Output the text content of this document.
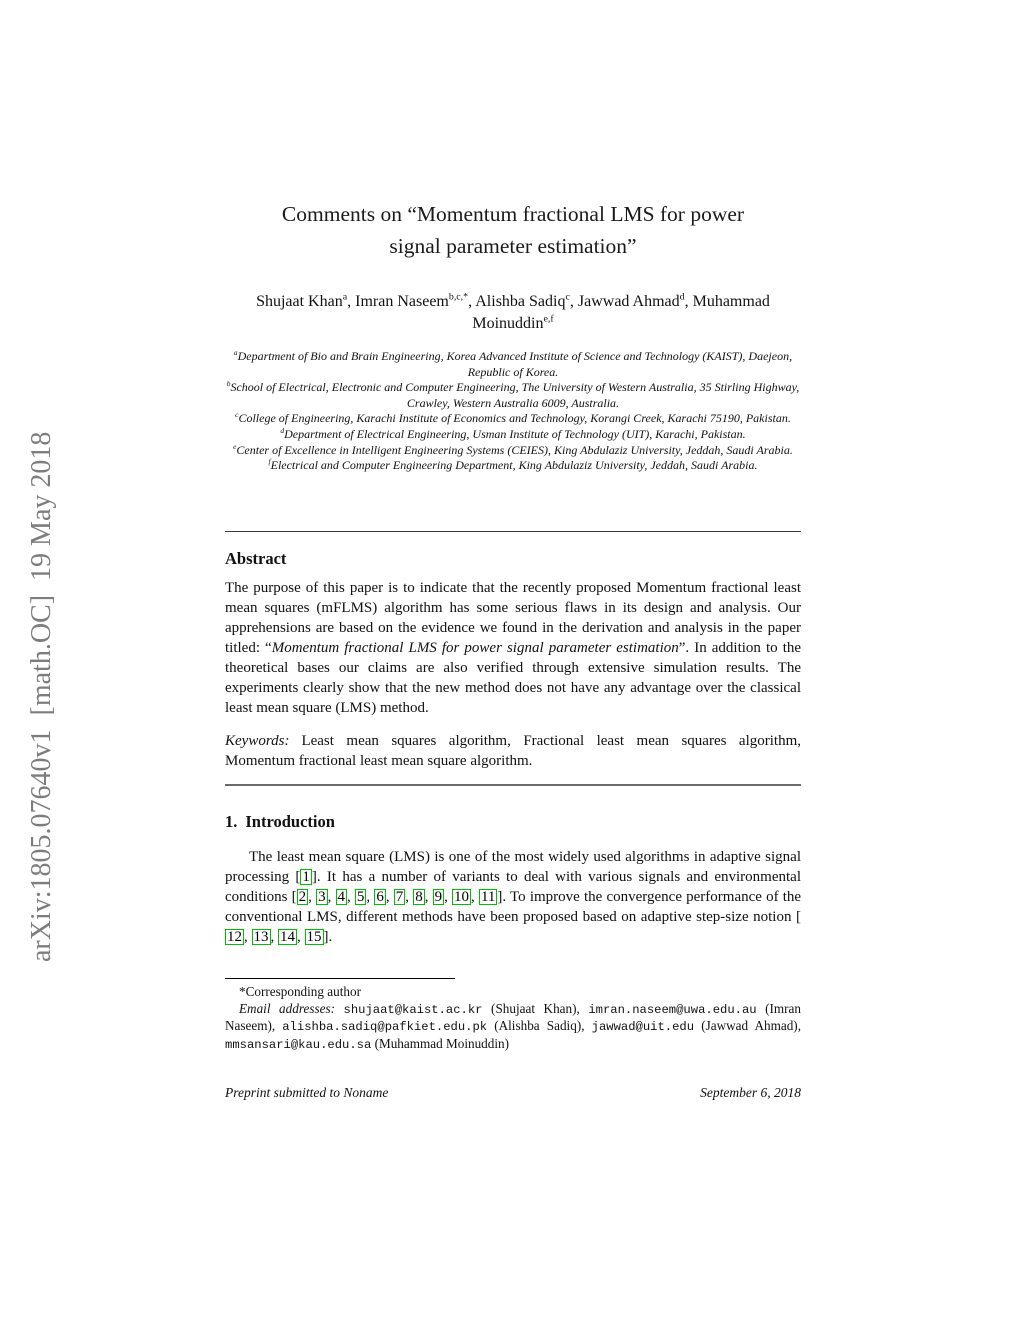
arXiv:1805.07640v1  [math.OC]  19 May 2018
Comments on “Momentum fractional LMS for power
signal parameter estimation”
Shujaat Khan$^a$, Imran Naseem$^{b,c,*}$, Alishba Sadiq$^c$, Jawwad Ahmad$^d$, Muhammad Moinuddin$^{e,f}$
$^a$Department of Bio and Brain Engineering, Korea Advanced Institute of Science and Technology (KAIST), Daejeon, Republic of Korea.
$^b$School of Electrical, Electronic and Computer Engineering, The University of Western Australia, 35 Stirling Highway, Crawley, Western Australia 6009, Australia.
$^c$College of Engineering, Karachi Institute of Economics and Technology, Korangi Creek, Karachi 75190, Pakistan.
$^d$Department of Electrical Engineering, Usman Institute of Technology (UIT), Karachi, Pakistan.
$^e$Center of Excellence in Intelligent Engineering Systems (CEIES), King Abdulaziz University, Jeddah, Saudi Arabia.
$^f$Electrical and Computer Engineering Department, King Abdulaziz University, Jeddah, Saudi Arabia.
Abstract
The purpose of this paper is to indicate that the recently proposed Momentum fractional least mean squares (mFLMS) algorithm has some serious flaws in its design and analysis. Our apprehensions are based on the evidence we found in the derivation and analysis in the paper titled: “Momentum fractional LMS for power signal parameter estimation”. In addition to the theoretical bases our claims are also verified through extensive simulation results. The experiments clearly show that the new method does not have any advantage over the classical least mean square (LMS) method.
Keywords: Least mean squares algorithm, Fractional least mean squares algorithm, Momentum fractional least mean square algorithm.
1. Introduction
The least mean square (LMS) is one of the most widely used algorithms in adaptive signal processing [ 1 ]. It has a number of variants to deal with various signals and environmental conditions [ 2 , 3 , 4 , 5 , 6 , 7 , 8 , 9 , 10 , 11 ]. To improve the convergence performance of the conventional LMS, different methods have been proposed based on adaptive step-size notion [12 , 13 , 14 , 15 ].
*Corresponding author
Email addresses: shujaat@kaist.ac.kr (Shujaat Khan), imran.naseem@uwa.edu.au (Imran Naseem), alishba.sadiq@pafkiet.edu.pk (Alishba Sadiq), jawwad@uit.edu (Jawwad Ahmad), mmsansari@kau.edu.sa (Muhammad Moinuddin)
Preprint submitted to Noname	September 6, 2018
